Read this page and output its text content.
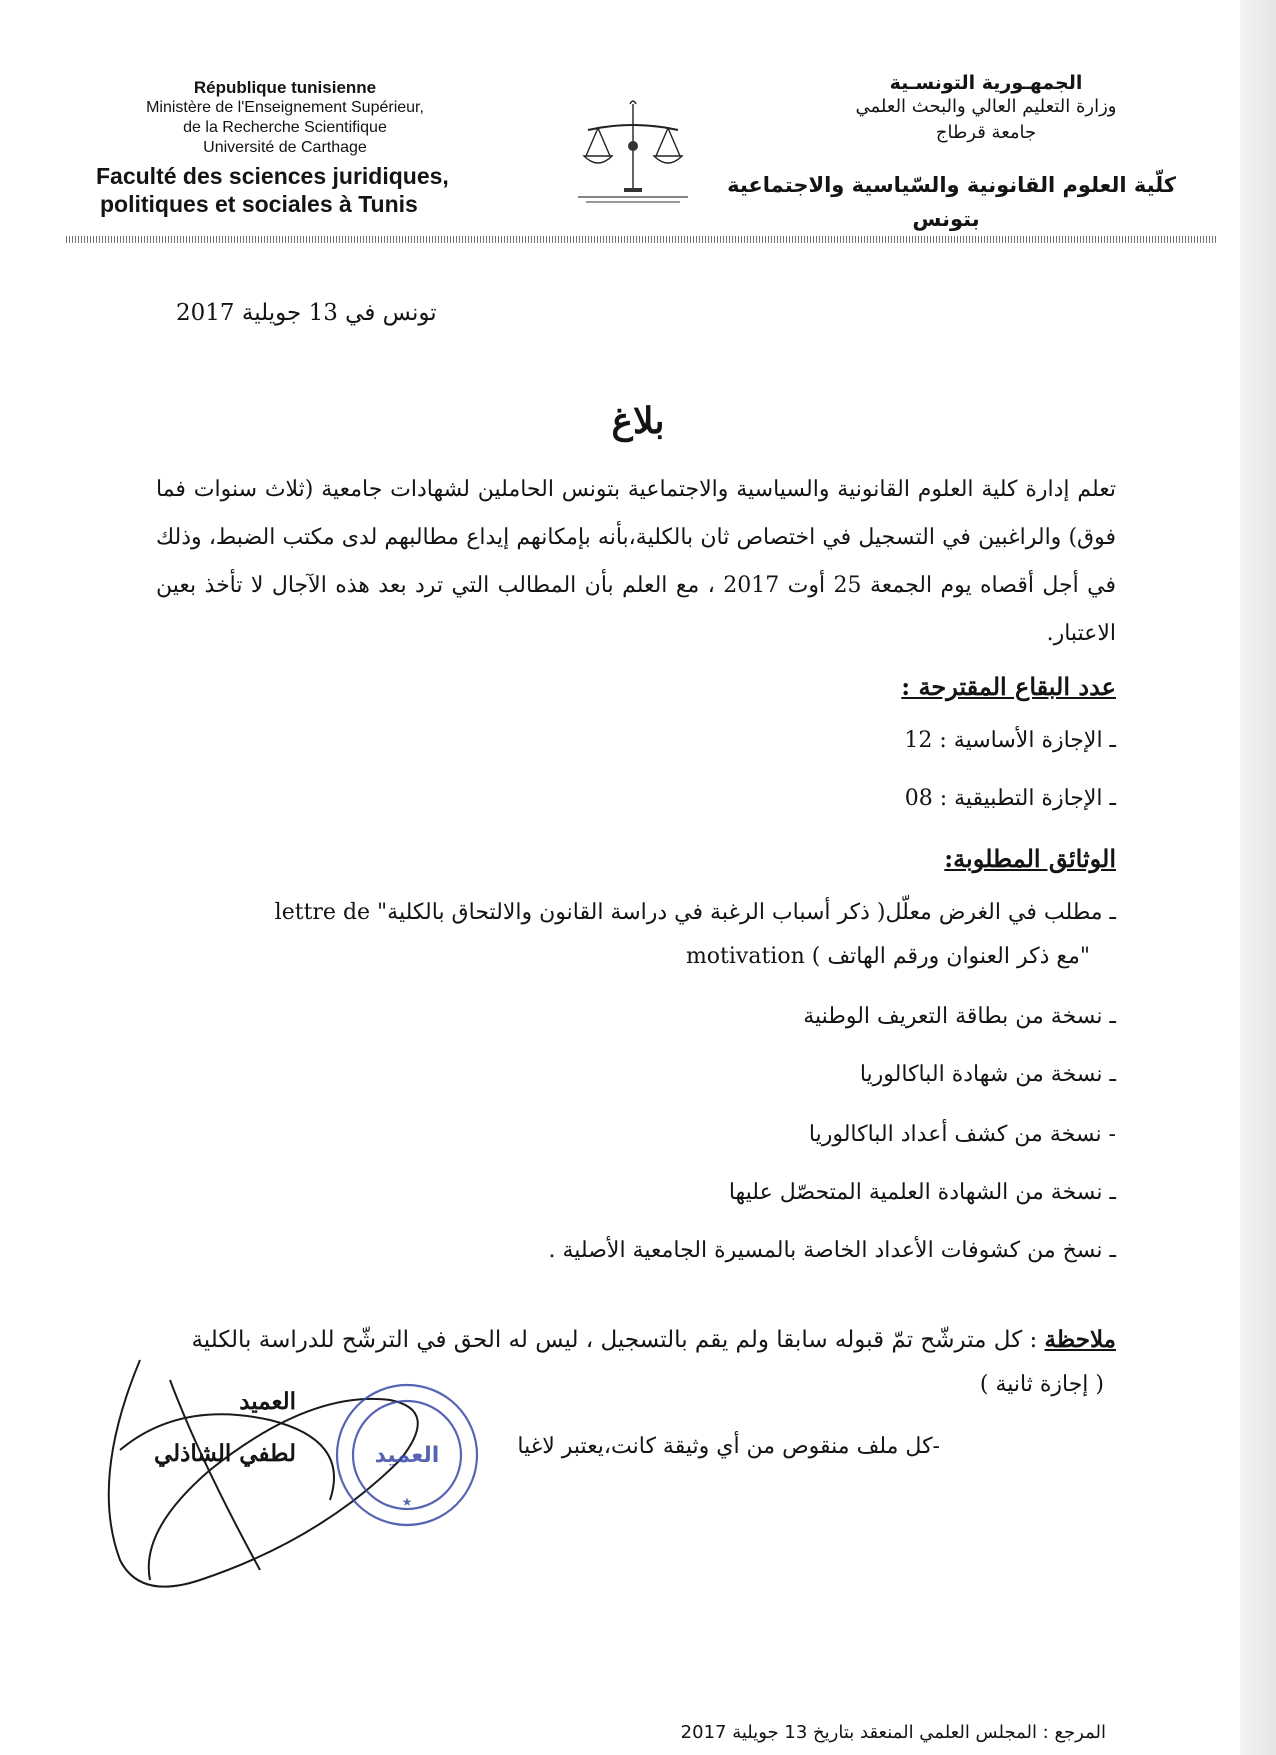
République tunisienne
Ministère de l'Enseignement Supérieur,
de la Recherche Scientifique
Université de Carthage
Faculté des sciences juridiques,
politiques et sociales à Tunis
الجمهـورية التونسـية
وزارة التعليم العالي والبحث العلمي
جامعة قرطاج
كلّية العلوم القانونية والسّياسية والاجتماعية
بتونس
تونس في 13 جويلية 2017
بلاغ
تعلم إدارة كلية العلوم القانونية والسياسية والاجتماعية بتونس الحاملين لشهادات جامعية (ثلاث سنوات فما فوق) والراغبين في التسجيل في اختصاص ثان بالكلية،بأنه بإمكانهم إيداع مطالبهم لدى مكتب الضبط، وذلك في أجل أقصاه يوم الجمعة 25 أوت 2017 ، مع العلم بأن المطالب التي ترد بعد هذه الآجال لا تأخذ بعين الاعتبار.
عدد البقاع المقترحة :
ـ الإجازة الأساسية : 12
ـ الإجازة التطبيقية : 08
الوثائق المطلوبة:
ـ مطلب في الغرض معلّل( ذكر أسباب الرغبة في دراسة القانون والالتحاق بالكلية" lettre de
"مع ذكر العنوان ورقم الهاتف ) motivation
ـ نسخة من بطاقة التعريف الوطنية
ـ نسخة من شهادة الباكالوريا
- نسخة من كشف أعداد الباكالوريا
ـ نسخة من الشهادة العلمية المتحصّل عليها
ـ نسخ من كشوفات الأعداد الخاصة بالمسيرة الجامعية الأصلية .
ملاحظة : كل مترشّح تمّ قبوله سابقا ولم يقم بالتسجيل ، ليس له الحق في الترشّح للدراسة بالكلية
( إجازة ثانية )
-كل ملف منقوص من أي وثيقة كانت،يعتبر لاغيا
العميد
★
العميد
لطفي الشاذلي
المرجع : المجلس العلمي المنعقد بتاريخ 13 جويلية 2017
